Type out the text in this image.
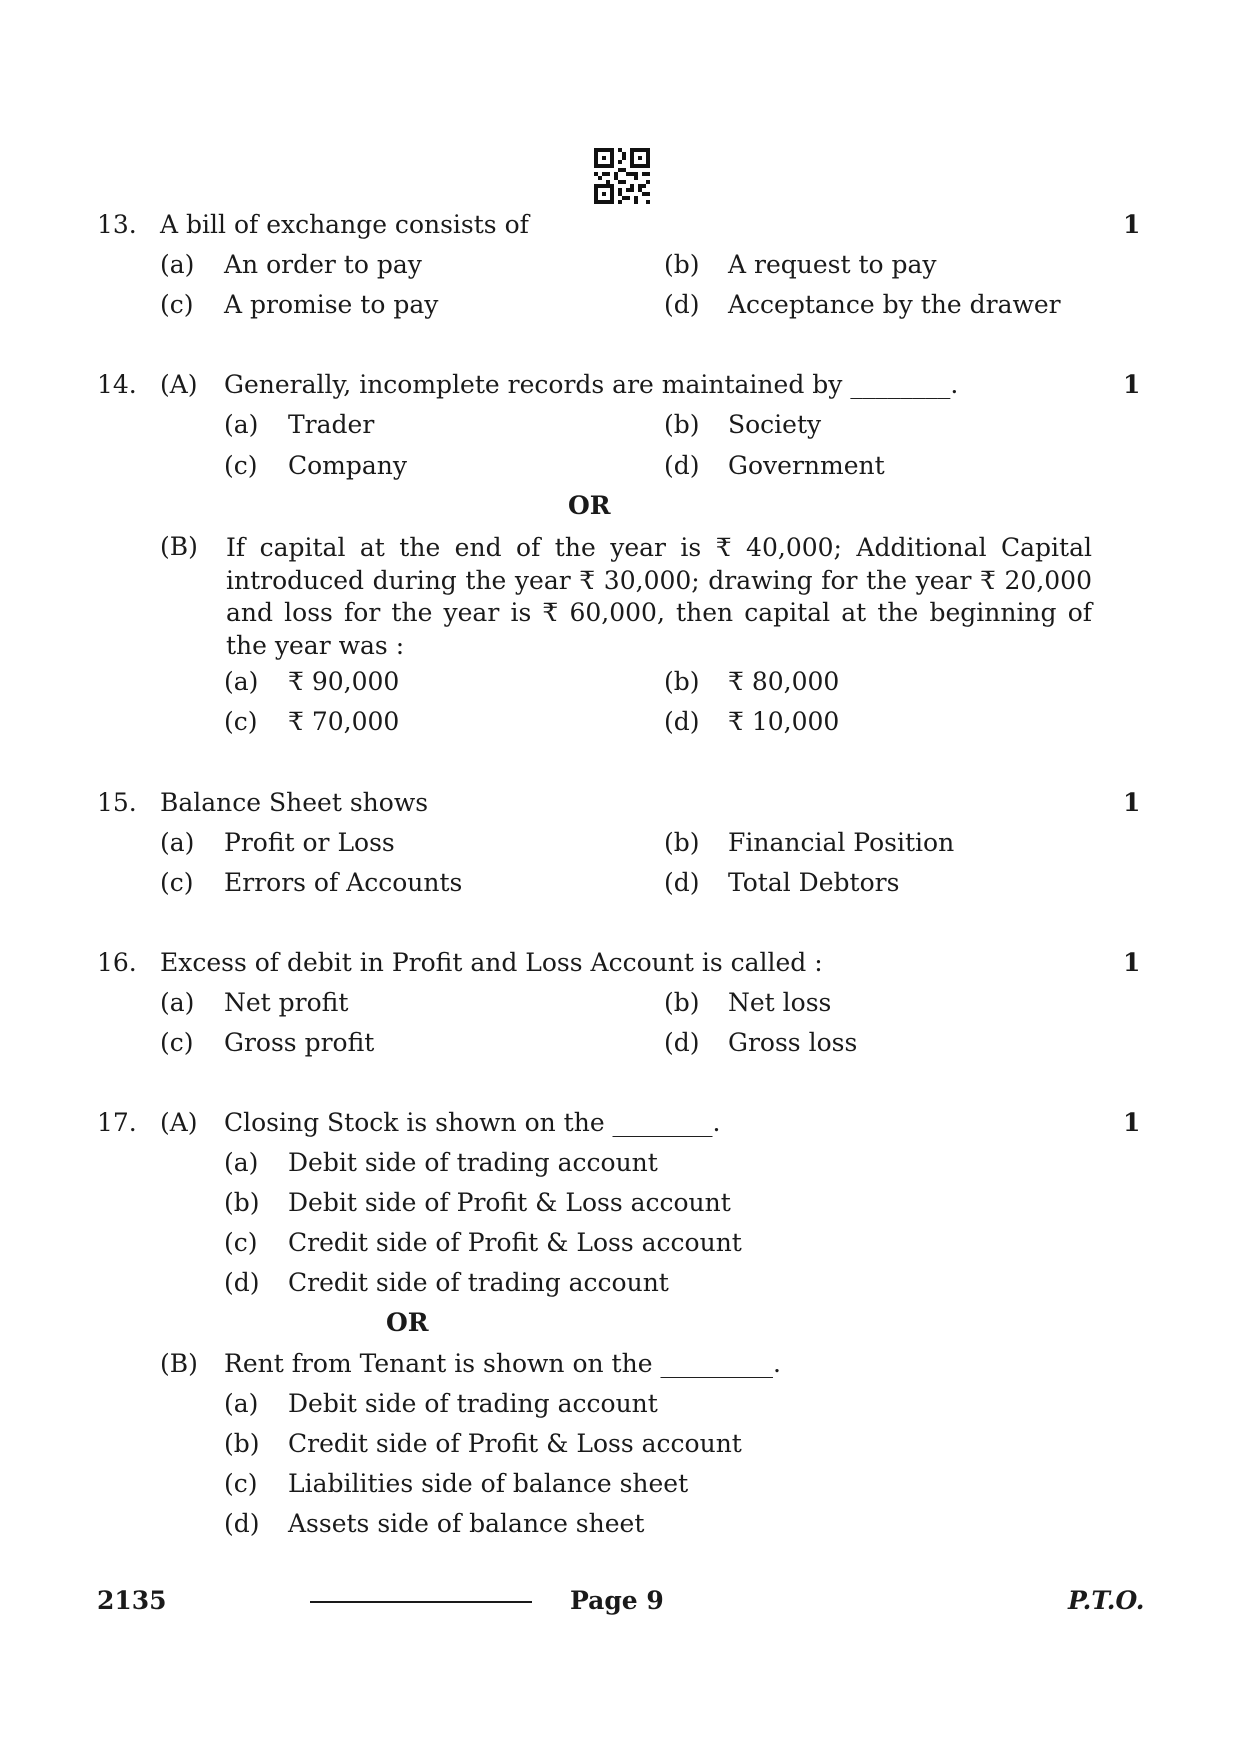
13. A bill of exchange consists of	1
(a) An order to pay	(b) A request to pay
(c) A promise to pay	(d) Acceptance by the drawer
14. (A) Generally, incomplete records are maintained by ________.	1
(a) Trader	(b) Society
(c) Company	(d) Government
OR
(B) If capital at the end of the year is ₹ 40,000; Additional Capital introduced during the year ₹ 30,000; drawing for the year ₹ 20,000 and loss for the year is ₹ 60,000, then capital at the beginning of the year was :
(a) ₹ 90,000	(b) ₹ 80,000
(c) ₹ 70,000	(d) ₹ 10,000
15. Balance Sheet shows	1
(a) Profit or Loss	(b) Financial Position
(c) Errors of Accounts	(d) Total Debtors
16. Excess of debit in Profit and Loss Account is called :	1
(a) Net profit	(b) Net loss
(c) Gross profit	(d) Gross loss
17. (A) Closing Stock is shown on the ________.	1
(a) Debit side of trading account
(b) Debit side of Profit & Loss account
(c) Credit side of Profit & Loss account
(d) Credit side of trading account
OR
(B) Rent from Tenant is shown on the _________.
(a) Debit side of trading account
(b) Credit side of Profit & Loss account
(c) Liabilities side of balance sheet
(d) Assets side of balance sheet
2135	Page 9	P.T.O.
